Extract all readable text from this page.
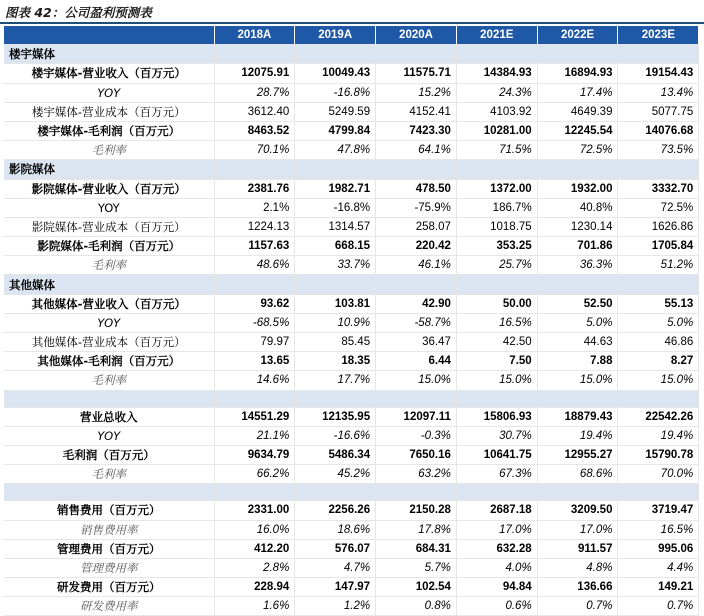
图表 42：公司盈利预测表
	2018A	2019A	2020A	2021E	2022E	2023E
楼宇媒体						
楼宇媒体-营业收入（百万元）	12075.91	10049.43	11575.71	14384.93	16894.93	19154.43
YOY	28.7%	-16.8%	15.2%	24.3%	17.4%	13.4%
楼宇媒体-营业成本（百万元）	3612.40	5249.59	4152.41	4103.92	4649.39	5077.75
楼宇媒体-毛利润（百万元）	8463.52	4799.84	7423.30	10281.00	12245.54	14076.68
毛利率	70.1%	47.8%	64.1%	71.5%	72.5%	73.5%
影院媒体						
影院媒体-营业收入（百万元）	2381.76	1982.71	478.50	1372.00	1932.00	3332.70
YOY	2.1%	-16.8%	-75.9%	186.7%	40.8%	72.5%
影院媒体-营业成本（百万元）	1224.13	1314.57	258.07	1018.75	1230.14	1626.86
影院媒体-毛利润（百万元）	1157.63	668.15	220.42	353.25	701.86	1705.84
毛利率	48.6%	33.7%	46.1%	25.7%	36.3%	51.2%
其他媒体						
其他媒体-营业收入（百万元）	93.62	103.81	42.90	50.00	52.50	55.13
YOY	-68.5%	10.9%	-58.7%	16.5%	5.0%	5.0%
其他媒体-营业成本（百万元）	79.97	85.45	36.47	42.50	44.63	46.86
其他媒体-毛利润（百万元）	13.65	18.35	6.44	7.50	7.88	8.27
毛利率	14.6%	17.7%	15.0%	15.0%	15.0%	15.0%

营业总收入	14551.29	12135.95	12097.11	15806.93	18879.43	22542.26
YOY	21.1%	-16.6%	-0.3%	30.7%	19.4%	19.4%
毛利润（百万元）	9634.79	5486.34	7650.16	10641.75	12955.27	15790.78
毛利率	66.2%	45.2%	63.2%	67.3%	68.6%	70.0%

销售费用（百万元）	2331.00	2256.26	2150.28	2687.18	3209.50	3719.47
销售费用率	16.0%	18.6%	17.8%	17.0%	17.0%	16.5%
管理费用（百万元）	412.20	576.07	684.31	632.28	911.57	995.06
管理费用率	2.8%	4.7%	5.7%	4.0%	4.8%	4.4%
研发费用（百万元）	228.94	147.97	102.54	94.84	136.66	149.21
研发费用率	1.6%	1.2%	0.8%	0.6%	0.7%	0.7%
